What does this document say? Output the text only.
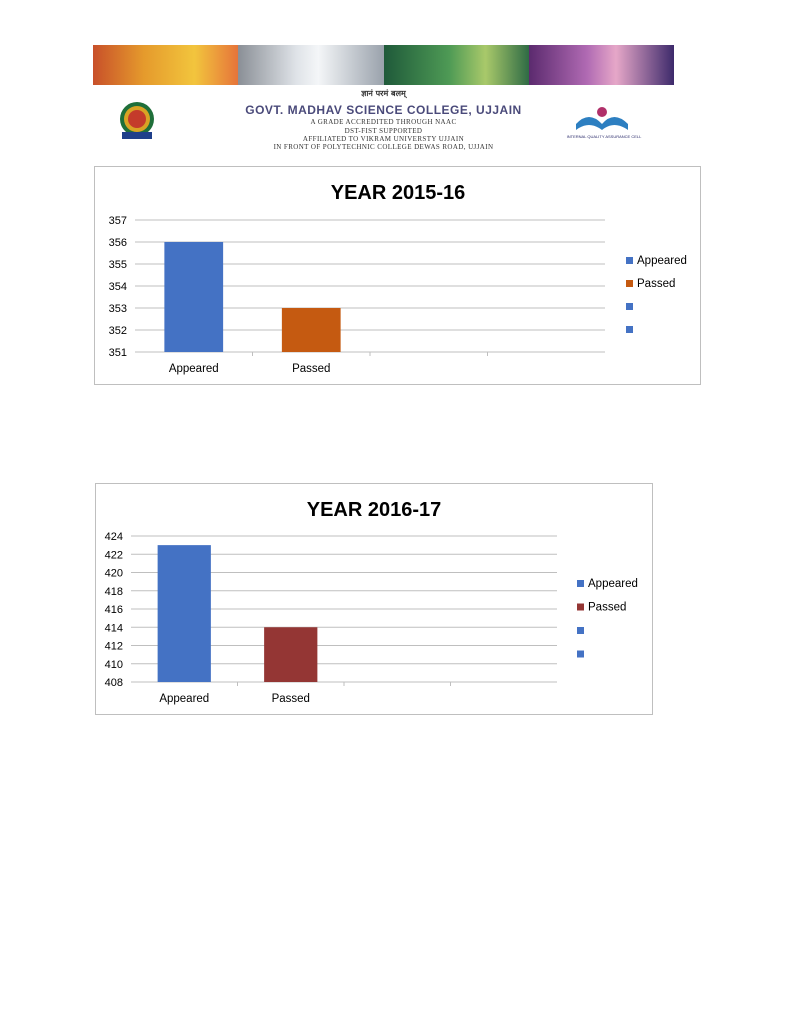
ज्ञानं परमं बलम्
GOVT. MADHAV SCIENCE COLLEGE, UJJAIN
A GRADE ACCREDITED THROUGH NAAC
DST-FIST SUPPORTED
AFFILIATED TO VIKRAM UNIVERSTY UJJAIN
IN FRONT OF POLYTECHNIC COLLEGE DEWAS ROAD, UJJAIN
INTERNAL QUALITY ASSURANCE CELL
YEAR 2015-16
351
352
353
354
355
356
357
Appeared	Passed
Appeared
Passed
YEAR 2016-17
408
410
412
414
416
418
420
422
424
Appeared	Passed
Appeared
Passed
